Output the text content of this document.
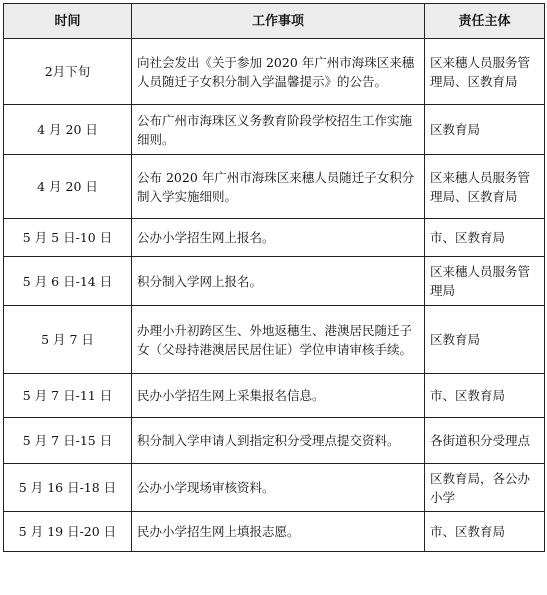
时间	工作事项	责任主体
2月下旬	向社会发出《关于参加 2020 年广州市海珠区来穗人员随迁子女积分制入学温馨提示》的公告。	区来穗人员服务管理局、区教育局
4 月 20 日	公布广州市海珠区义务教育阶段学校招生工作实施细则。	区教育局
4 月 20 日	公布 2020 年广州市海珠区来穗人员随迁子女积分制入学实施细则。	区来穗人员服务管理局、区教育局
5 月 5 日-10 日	公办小学招生网上报名。	市、区教育局
5 月 6 日-14 日	积分制入学网上报名。	区来穗人员服务管理局
5 月 7 日	办理小升初跨区生、外地返穗生、港澳居民随迁子女（父母持港澳居民居住证）学位申请审核手续。	区教育局
5 月 7 日-11 日	民办小学招生网上采集报名信息。	市、区教育局
5 月 7 日-15 日	积分制入学申请人到指定积分受理点提交资料。	各街道积分受理点
5 月 16 日-18 日	公办小学现场审核资料。	区教育局，各公办小学
5 月 19 日-20 日	民办小学招生网上填报志愿。	市、区教育局
